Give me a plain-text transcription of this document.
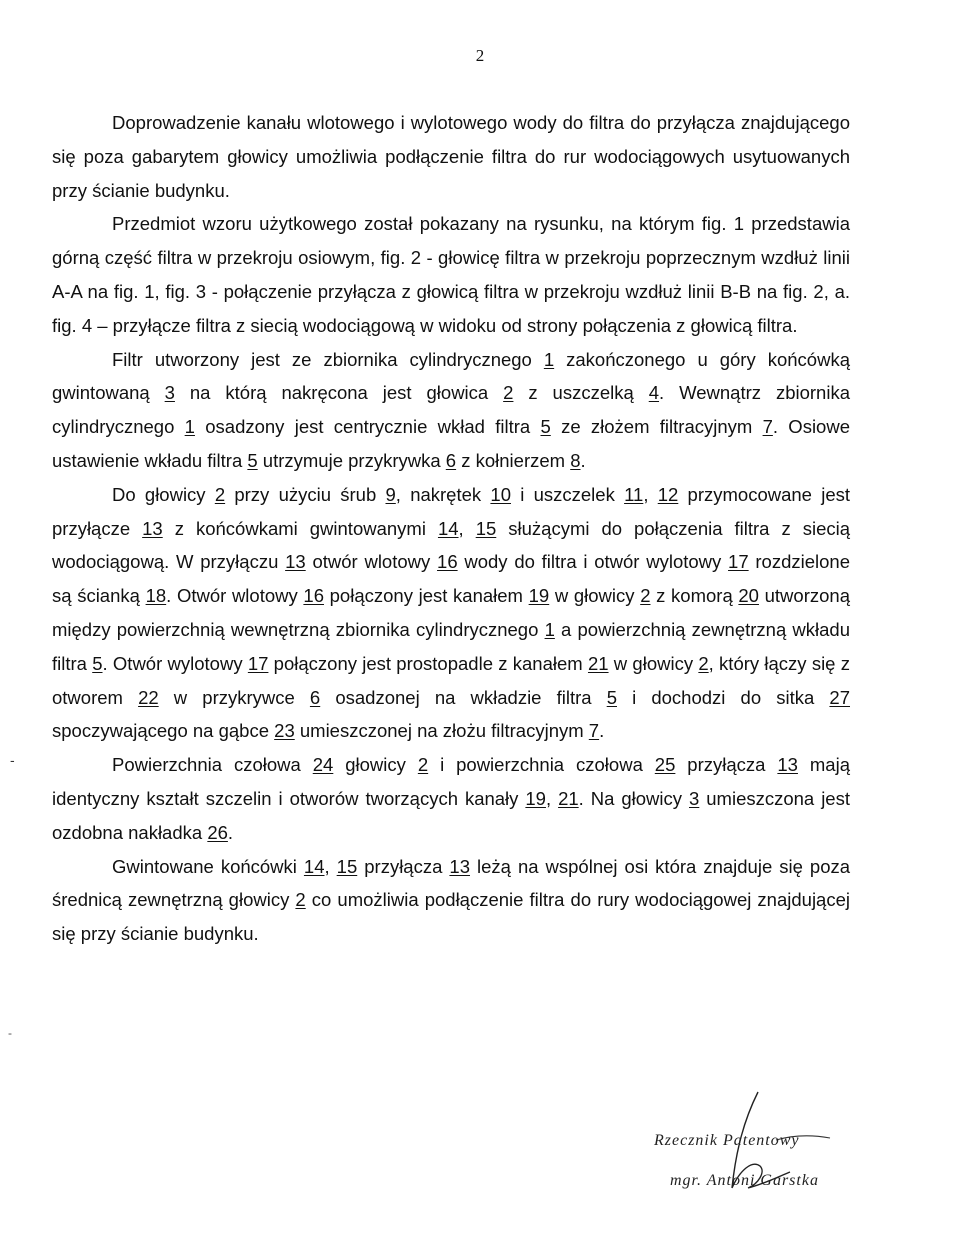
2

Doprowadzenie kanału wlotowego i wylotowego wody do filtra do przyłącza znajdującego się poza gabarytem głowicy umożliwia podłączenie filtra do rur wodociągowych usytuowanych przy ścianie budynku.

Przedmiot wzoru użytkowego został pokazany na rysunku, na którym fig. 1 przedstawia górną część filtra w przekroju osiowym, fig. 2 - głowicę filtra w przekroju poprzecznym wzdłuż linii A-A na fig. 1, fig. 3 - połączenie przyłącza z głowicą filtra w przekroju wzdłuż linii B-B na fig. 2, a. fig. 4 – przyłącze filtra z siecią wodociągową w widoku od strony połączenia z głowicą filtra.

Filtr utworzony jest ze zbiornika cylindrycznego 1 zakończonego u góry końcówką gwintowaną 3 na którą nakręcona jest głowica 2 z uszczelką 4. Wewnątrz zbiornika cylindrycznego 1 osadzony jest centrycznie wkład filtra 5 ze złożem filtracyjnym 7. Osiowe ustawienie wkładu filtra 5 utrzymuje przykrywka 6 z kołnierzem 8.

Do głowicy 2 przy użyciu śrub 9, nakrętek 10 i uszczelek 11, 12 przymocowane jest przyłącze 13 z końcówkami gwintowanymi 14, 15 służącymi do połączenia filtra z siecią wodociągową. W przyłączu 13 otwór wlotowy 16 wody do filtra i otwór wylotowy 17 rozdzielone są ścianką 18. Otwór wlotowy 16 połączony jest kanałem 19 w głowicy 2 z komorą 20 utworzoną między powierzchnią wewnętrzną zbiornika cylindrycznego 1 a powierzchnią zewnętrzną wkładu filtra 5. Otwór wylotowy 17 połączony jest prostopadle z kanałem 21 w głowicy 2, który łączy się z otworem 22 w przykrywce 6 osadzonej na wkładzie filtra 5 i dochodzi do sitka 27 spoczywającego na gąbce 23 umieszczonej na złożu filtracyjnym 7.

Powierzchnia czołowa 24 głowicy 2 i powierzchnia czołowa 25 przyłącza 13 mają identyczny kształt szczelin i otworów tworzących kanały 19, 21. Na głowicy 3 umieszczona jest ozdobna nakładka 26.

Gwintowane końcówki 14, 15 przyłącza 13 leżą na wspólnej osi która znajduje się poza średnicą zewnętrzną głowicy 2 co umożliwia podłączenie filtra do rury wodociągowej znajdującej się przy ścianie budynku.

-
‑
Rzecznik Patentowy
mgr. Antoni Garstka
